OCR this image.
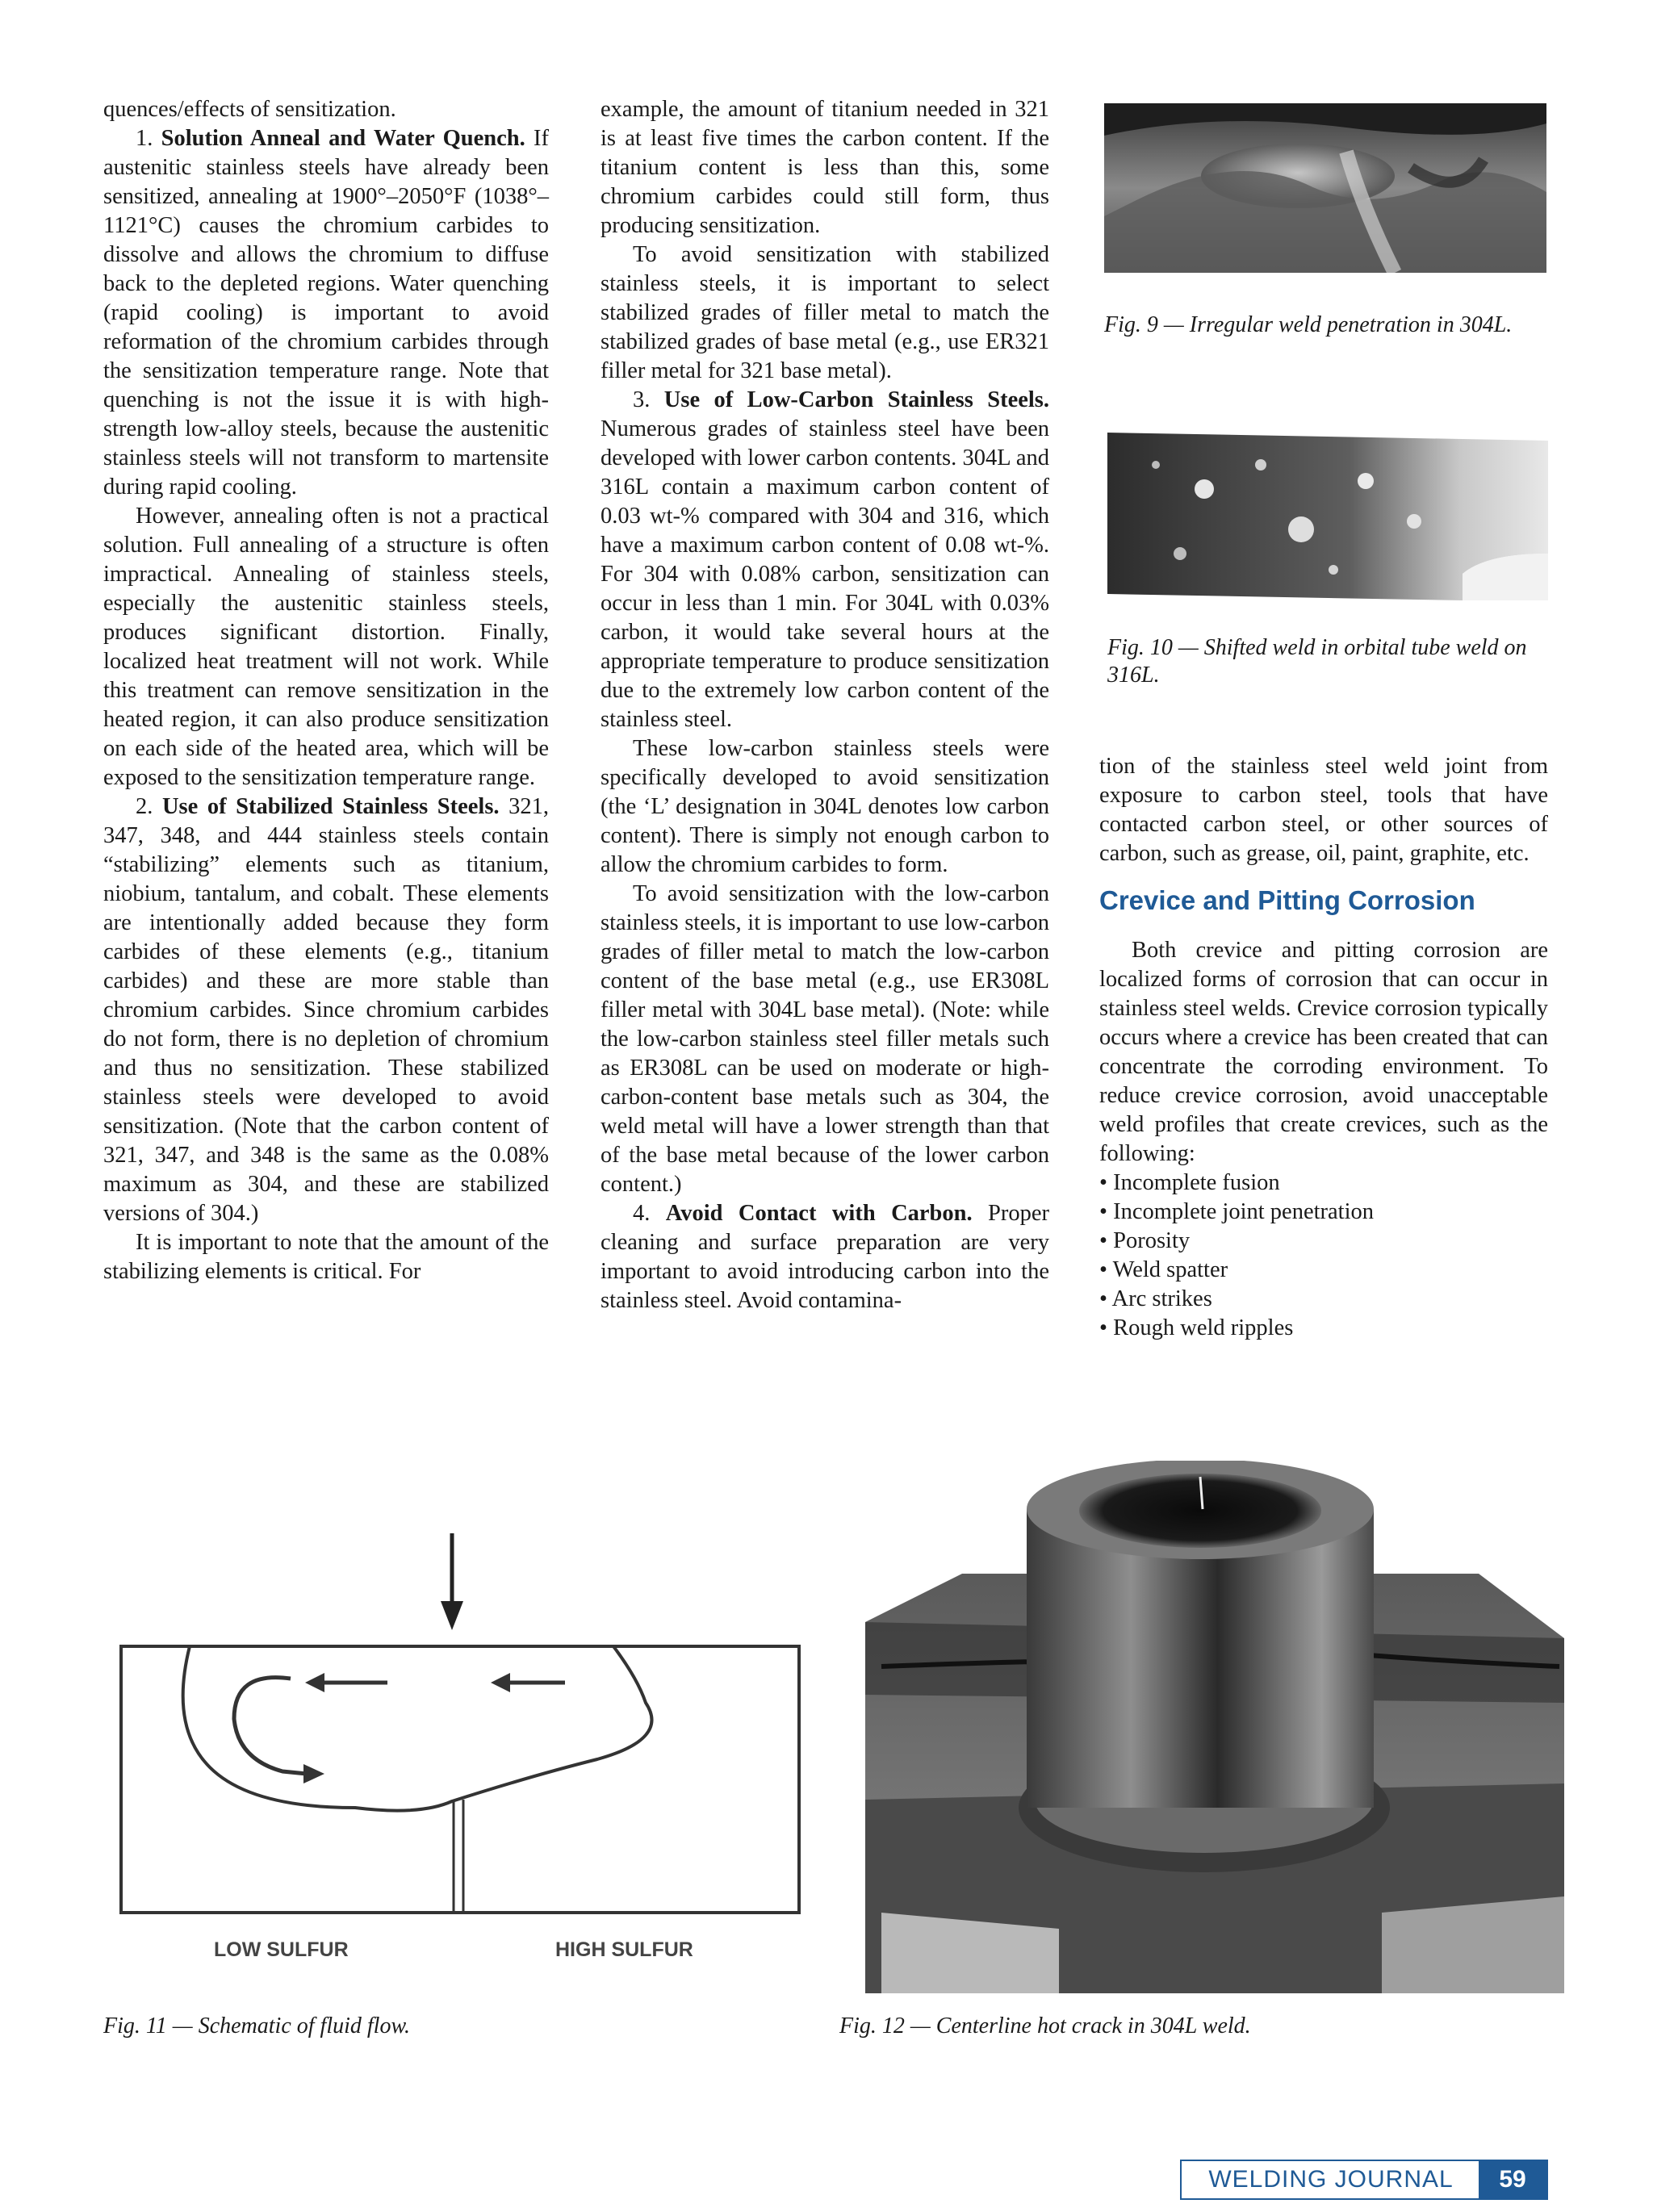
quences/effects of sensitization.

1. Solution Anneal and Water Quench. If austenitic stainless steels have already been sensitized, annealing at 1900°–2050°F (1038°–1121°C) causes the chromium carbides to dissolve and allows the chromium to diffuse back to the depleted regions. Water quenching (rapid cooling) is important to avoid reformation of the chromium carbides through the sensitization temperature range. Note that quenching is not the issue it is with high-strength low-alloy steels, because the austenitic stainless steels will not transform to martensite during rapid cooling.

However, annealing often is not a practical solution. Full annealing of a structure is often impractical. Annealing of stainless steels, especially the austenitic stainless steels, produces significant distortion. Finally, localized heat treatment will not work. While this treatment can remove sensitization in the heated region, it can also produce sensitization on each side of the heated area, which will be exposed to the sensitization temperature range.

2. Use of Stabilized Stainless Steels. 321, 347, 348, and 444 stainless steels contain “stabilizing” elements such as titanium, niobium, tantalum, and cobalt. These elements are intentionally added because they form carbides of these elements (e.g., titanium carbides) and these are more stable than chromium carbides. Since chromium carbides do not form, there is no depletion of chromium and thus no sensitization. These stabilized stainless steels were developed to avoid sensitization. (Note that the carbon content of 321, 347, and 348 is the same as the 0.08% maximum as 304, and these are stabilized versions of 304.)

It is important to note that the amount of the stabilizing elements is critical. For

example, the amount of titanium needed in 321 is at least five times the carbon content. If the titanium content is less than this, some chromium carbides could still form, thus producing sensitization.

To avoid sensitization with stabilized stainless steels, it is important to select stabilized grades of filler metal to match the stabilized grades of base metal (e.g., use ER321 filler metal for 321 base metal).

3. Use of Low-Carbon Stainless Steels. Numerous grades of stainless steel have been developed with lower carbon contents. 304L and 316L contain a maximum carbon content of 0.03 wt-% compared with 304 and 316, which have a maximum carbon content of 0.08 wt-%. For 304 with 0.08% carbon, sensitization can occur in less than 1 min. For 304L with 0.03% carbon, it would take several hours at the appropriate temperature to produce sensitization due to the extremely low carbon content of the stainless steel.

These low-carbon stainless steels were specifically developed to avoid sensitization (the ‘L’ designation in 304L denotes low carbon content). There is simply not enough carbon to allow the chromium carbides to form.

To avoid sensitization with the low-carbon stainless steels, it is important to use low-carbon grades of filler metal to match the low-carbon content of the base metal (e.g., use ER308L filler metal with 304L base metal). (Note: while the low-carbon stainless steel filler metals such as ER308L can be used on moderate or high-carbon-content base metals such as 304, the weld metal will have a lower strength than that of the base metal because of the lower carbon content.)

4. Avoid Contact with Carbon. Proper cleaning and surface preparation are very important to avoid introducing carbon into the stainless steel. Avoid contamina-

Fig. 9 — Irregular weld penetration in 304L.
Fig. 10 — Shifted weld in orbital tube weld on 316L.

tion of the stainless steel weld joint from exposure to carbon steel, tools that have contacted carbon steel, or other sources of carbon, such as grease, oil, paint, graphite, etc.

Crevice and Pitting Corrosion

Both crevice and pitting corrosion are localized forms of corrosion that can occur in stainless steel welds. Crevice corrosion typically occurs where a crevice has been created that can concentrate the corroding environment. To reduce crevice corrosion, avoid unacceptable weld profiles that create crevices, such as the following:

• Incomplete fusion
• Incomplete joint penetration
• Porosity
• Weld spatter
• Arc strikes
• Rough weld ripples
LOW SULFUR	HIGH SULFUR
Fig. 11 — Schematic of fluid flow.	Fig. 12 — Centerline hot crack in 304L weld.
WELDING JOURNAL	59
